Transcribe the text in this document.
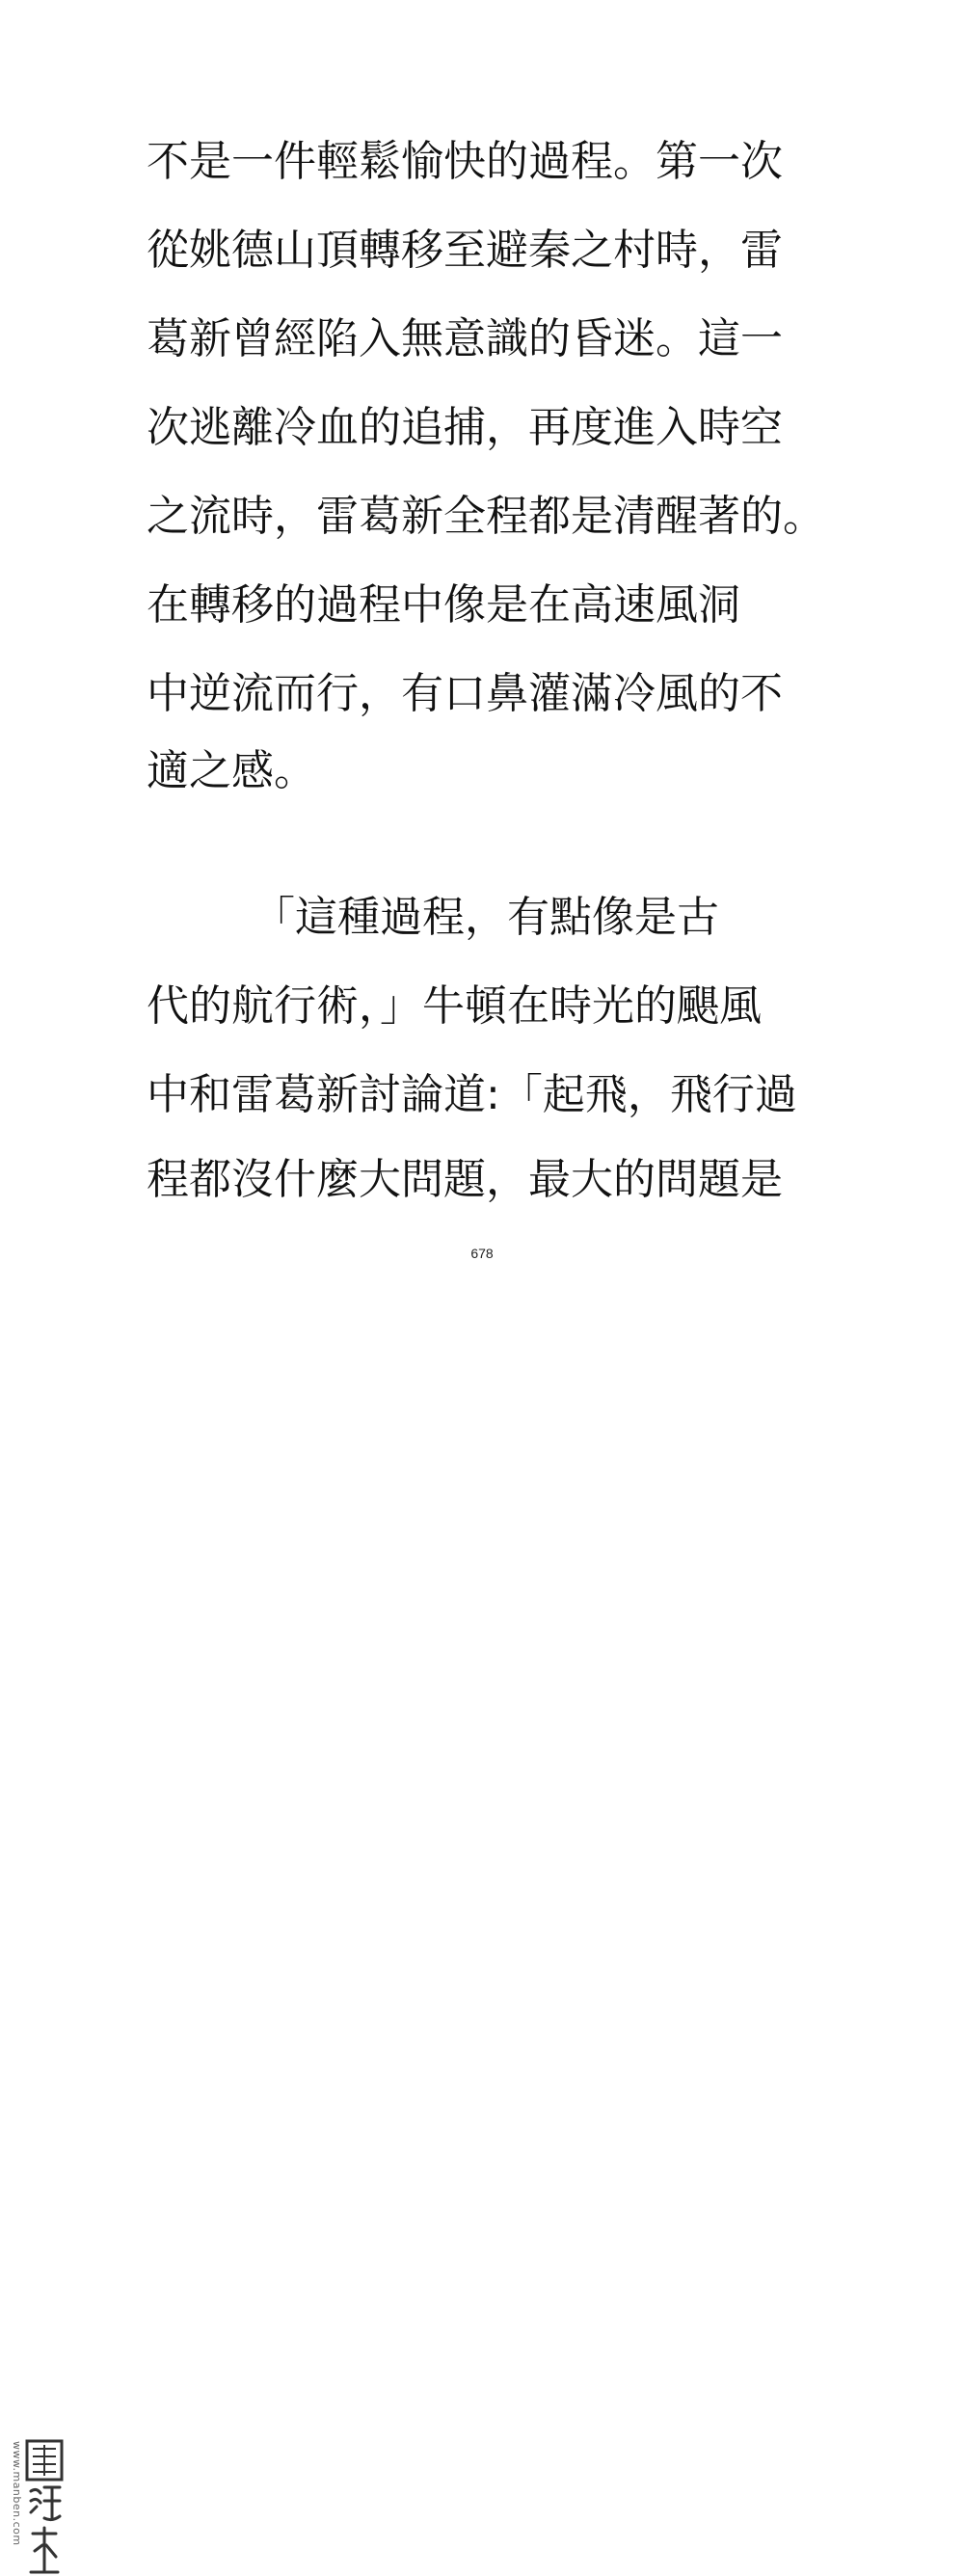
不是一件輕鬆愉快的過程。第一次
從姚德山頂轉移至避秦之村時，雷
葛新曾經陷入無意識的昏迷。這一
次逃離冷血的追捕，再度進入時空
之流時，雷葛新全程都是清醒著的。
在轉移的過程中像是在高速風洞
中逆流而行，有口鼻灌滿冷風的不
適之感。
　　　「這種過程，有點像是古
代的航行術，」牛頓在時光的颶風
中和雷葛新討論道:「起飛，飛行過
程都沒什麼大問題，最大的問題是
678
www.manben.com
